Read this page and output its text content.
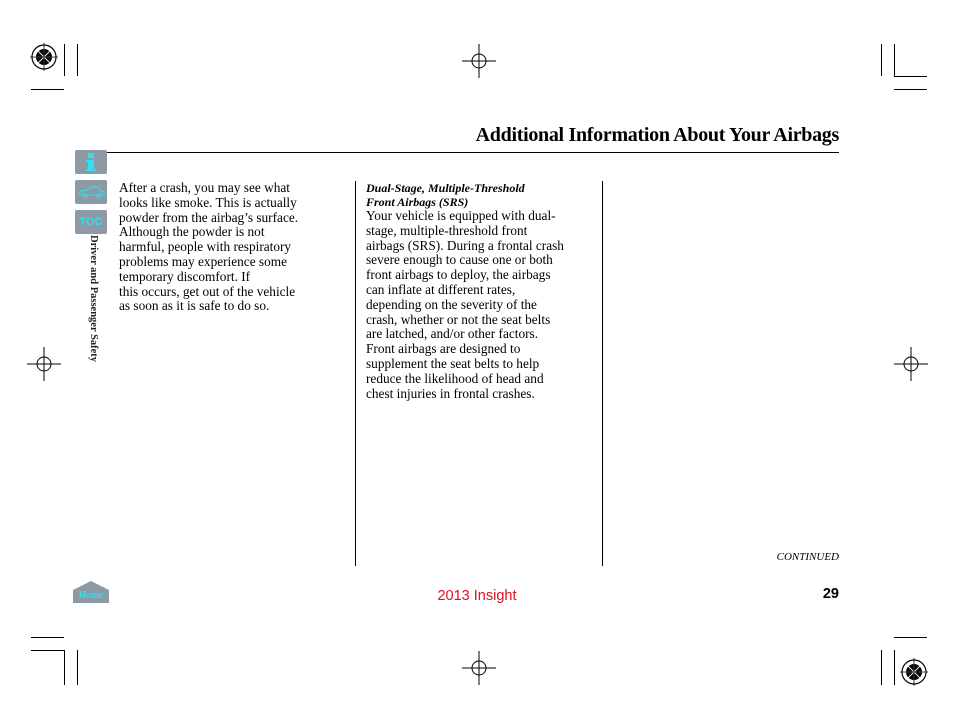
Additional Information About Your Airbags
TOC
Driver and Passenger Safety

After a crash, you may see what

looks like smoke. This is actually

powder from the airbag’s surface.

Although the powder is not

harmful, people with respiratory

problems may experience some

temporary discomfort. If

this occurs, get out of the vehicle

as soon as it is safe to do so.

Dual-Stage, Multiple-Threshold
Front Airbags (SRS)

Your vehicle is equipped with dual-

stage, multiple-threshold front

airbags (SRS). During a frontal crash

severe enough to cause one or both

front airbags to deploy, the airbags

can inflate at different rates,

depending on the severity of the

crash, whether or not the seat belts

are latched, and/or other factors.

Front airbags are designed to

supplement the seat belts to help

reduce the likelihood of head and

chest injuries in frontal crashes.

CONTINUED
Home	2013 Insight	29
